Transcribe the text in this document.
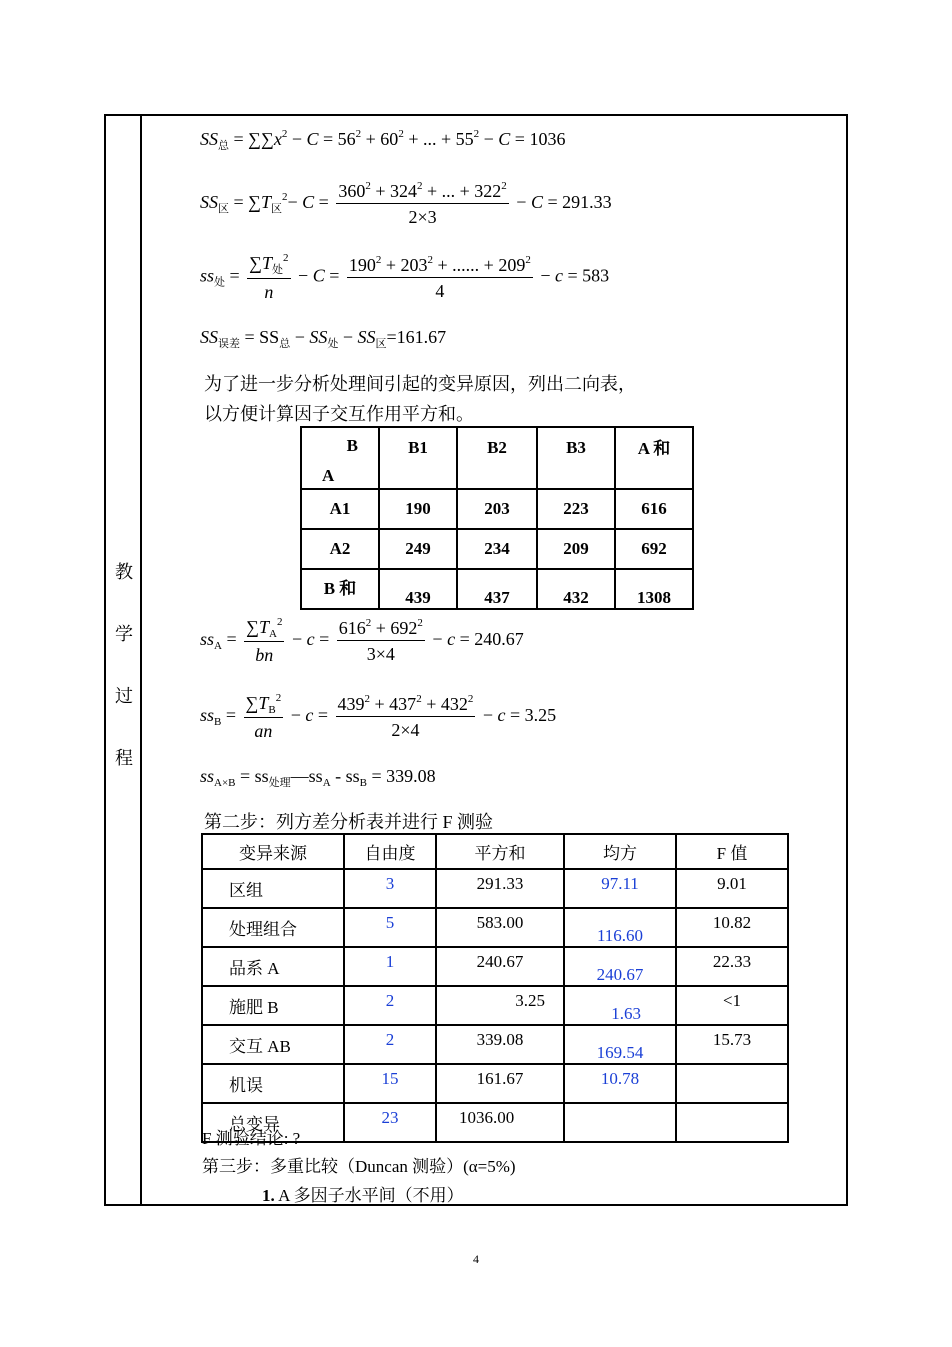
教
学
过
程
$SS_总 = \sum\sum x^2 - C = 56^2 + 60^2$ + ... + $55^2 - C = 1036$
$SS_区 = \sum T_区^2- C = \frac{360^2 + 324^2 + ... + 322^2}{2\times 3} - C = 291.33$
$ss_处 = \frac{\sum T_处^2}{n} - C = \frac{190^2 + 203^2 + ...... + 209^2}{4} - c = 583$
$SS_{误差} = SS_总 - SS_处 - SS_区=161.67$
为了进一步分析处理间引起的变异原因，列出二向表，
以方便计算因子交互作用平方和。
B
A	B1	B2	B3	A 和
A1	190	203	223	616
A2	249	234	209	692
B 和	439	437	432	1308
$ss_A = \frac{\sum T_A^2}{bn} - c = \frac{616^2 + 692^2}{3\times 4} - c = 240.67$
$ss_B = \frac{\sum T_B^2}{an} - c = \frac{439^2 + 437^2 + 432^2}{2\times 4} - c = 3.25$
$ss_{A\times B}$ = $ss_{处理}—ss_A - ss_B = 339.08$
第二步：列方差分析表并进行 F 测验
变异来源	自由度	平方和	均方	F 值
区组	3	291.33	97.11	9.01
处理组合	5	583.00	116.60	10.82
品系 A	1	240.67	240.67	22.33
施肥 B	2	3.25	1.63	<1
交互 AB	2	339.08	169.54	15.73
机误	15	161.67	10.78	
总变异	23	1036.00		
F 测验结论: ?
第三步：多重比较（Duncan 测验）(α=5%)
1. A 多因子水平间（不用）
4
